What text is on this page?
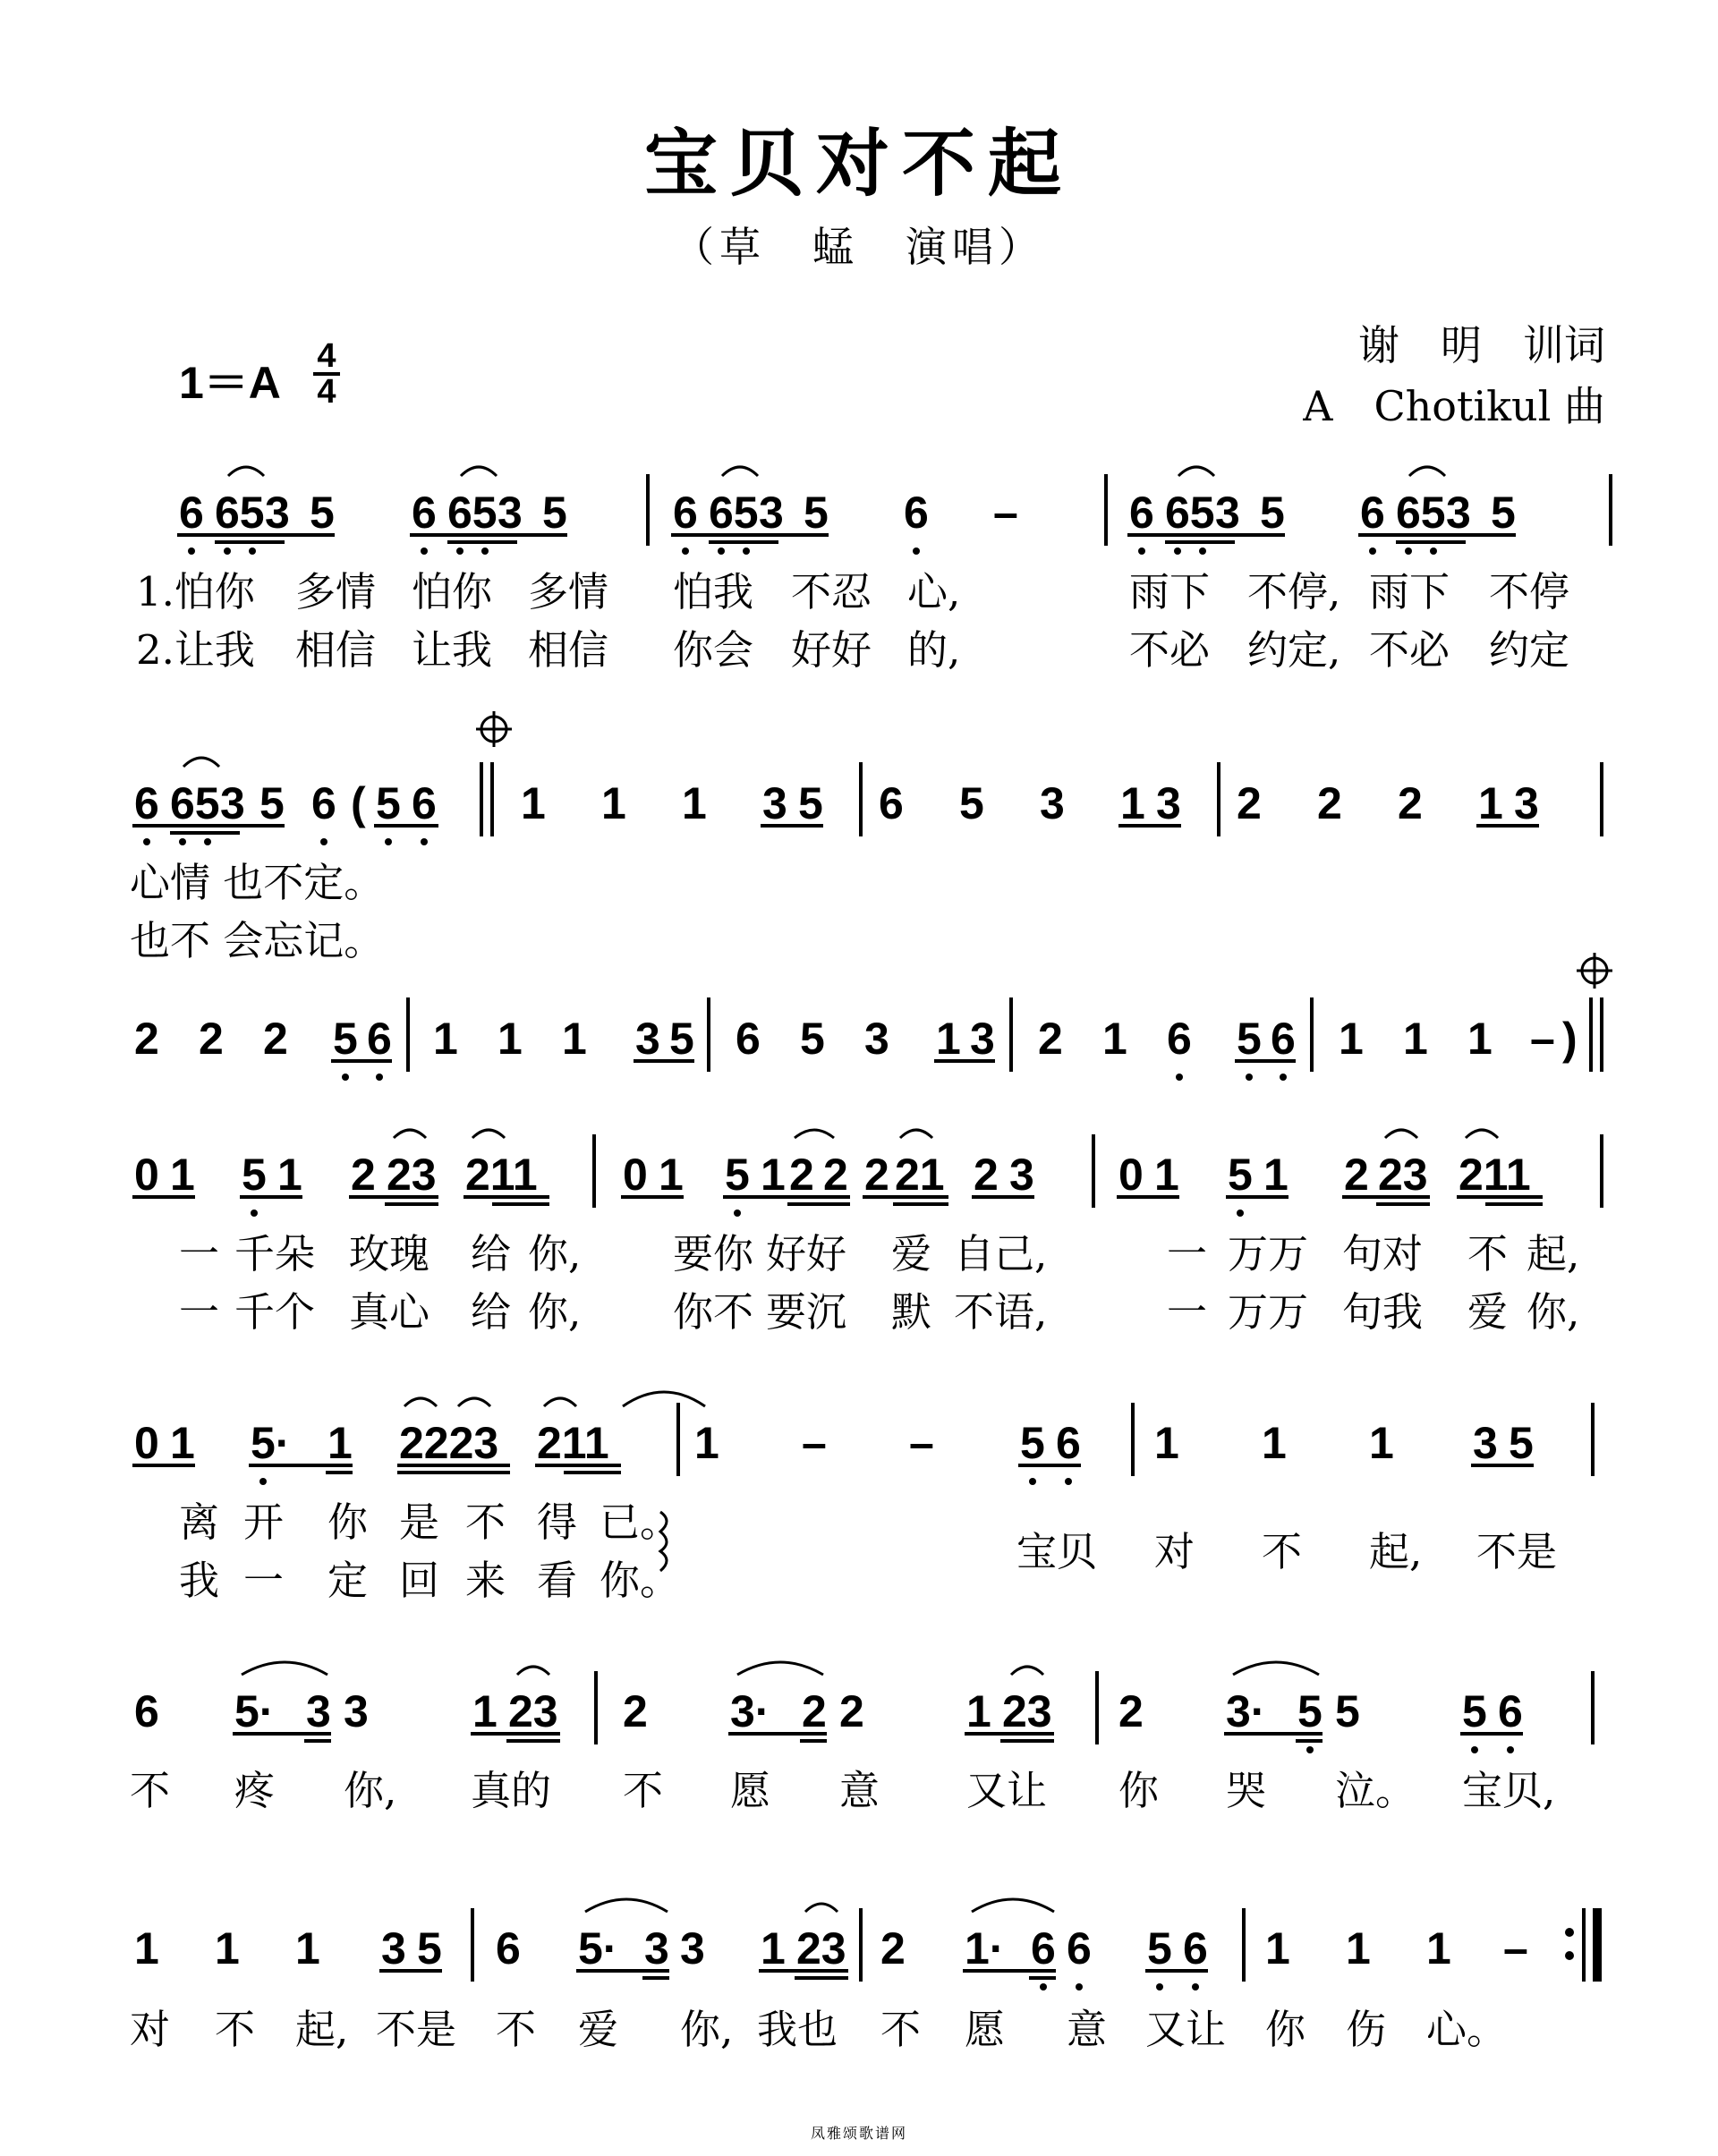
宝贝对不起
（草　蜢　演唱）
谢　明　训词
A　Chotikul 曲
1＝A
4
4
6 65 3 5 6 65 3 5 6 65 3 5 6 – 6 65 3 5 6 65 3 5
6 65 3 5 6 ( 5 6 1 1 1 3 5 6 5 3 1 3 2 2 2 1 3
2 2 2 5 6 1 1 1 3 5 6 5 3 1 3 2 1 6 5 6 1 1 1 – )
0 1 5 1 2 23 211 0 1 5 1 2 2 2 21 2 3 0 1 5 1 2 23 211
0 1 5· 1 2223 211 1 – – 5 6 1 1 1 3 5
6 5· 3 3 1 23 2 3· 2 2 1 23 2 3· 5 5 5 6
1 1 1 3 5 6 5· 3 3 1 23 2 1· 6 6 5 6 1 1 1 –
1.怕你 多情 怕你 多情 怕我 不忍 心,	雨下 不停, 雨下 不停
2.让我 相信 让我 相信 你会 好好 的,	不必 约定, 不必 约定
心情 也不定。
也不 会忘记。
一 千朵 玫瑰 给 你, 要你 好好 爱 自己,	一 万万 句对 不 起,
一 千个 真心 给 你, 你不 要沉 默 不语,	一 万万 句我 爱 你,
离 开 你 是 不 得 已。
我 一 定 回 来 看 你。
宝贝 对 不 起, 不是
不 疼 你, 真的 不 愿 意 又让 你 哭 泣。 宝贝,
对 不 起, 不是 不 爱 你, 我也 不 愿 意 又让 你 伤 心。
凤雅颂歌谱网
